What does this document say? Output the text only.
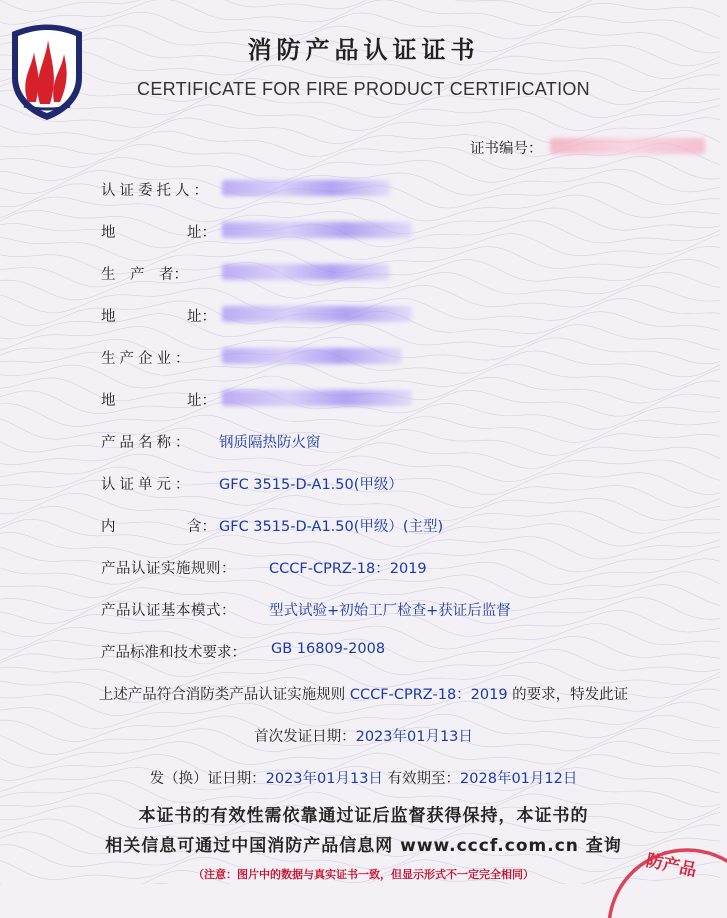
消防产品认证证书
CERTIFICATE FOR FIRE PRODUCT CERTIFICATION
证书编号：
认证委托人：
地	址：
生　产　者：
地	址：
生产企业：
地	址：
产品名称： 钢质隔热防火窗
认证单元： GFC 3515-D-A1.50(甲级）
内	含： GFC 3515-D-A1.50(甲级）(主型)
产品认证实施规则： CCCF-CPRZ-18：2019
产品认证基本模式： 型式试验+初始工厂检查+获证后监督
产品标准和技术要求： GB 16809-2008
上述产品符合消防类产品认证实施规则 CCCF-CPRZ-18：2019 的要求，特发此证
首次发证日期：2023年01月13日
发（换）证日期：2023年01月13日 有效期至：2028年01月12日
本证书的有效性需依靠通过证后监督获得保持，本证书的
相关信息可通过中国消防产品信息网 www.cccf.com.cn 查询
（注意：图片中的数据与真实证书一致，但显示形式不一定完全相同）	防产品
